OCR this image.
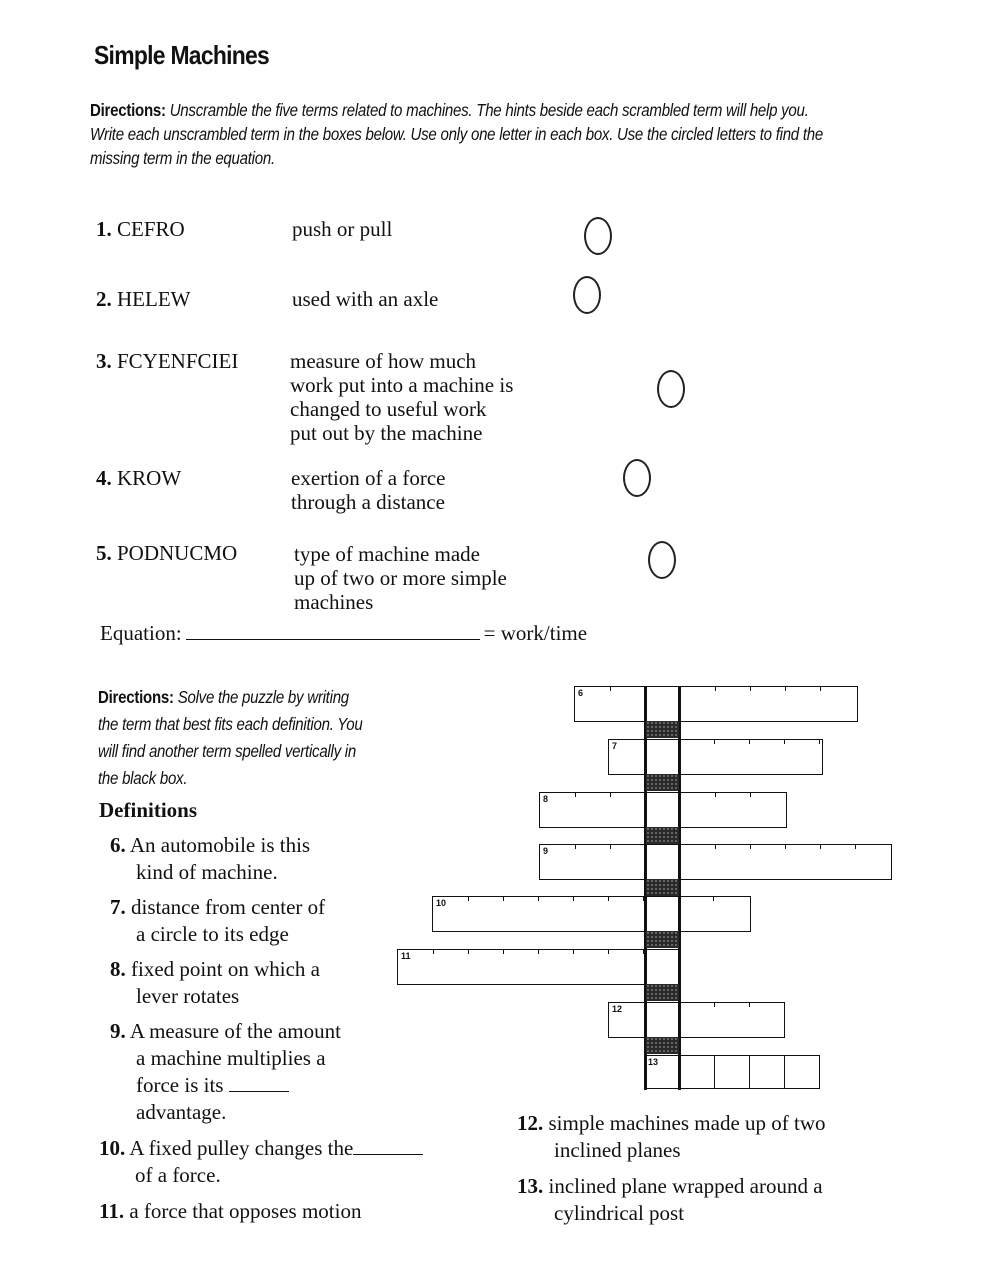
Simple Machines
Directions: Unscramble the five terms related to machines. The hints beside each scrambled term will help you.
Write each unscrambled term in the boxes below. Use only one letter in each box. Use the circled letters to find the
missing term in the equation.
1. CEFRO	push or pull
2. HELEW	used with an axle
3. FCYENFCIEI measure of how much
work put into a machine is
changed to useful work
put out by the machine
4. KROW	exertion of a force
through a distance
5. PODNUCMO	type of machine made
up of two or more simple
machines
Equation:	= work/time
Directions: Solve the puzzle by writing
the term that best fits each definition. You
will find another term spelled vertically in
the black box.
Definitions
6. An automobile is this
kind of machine.
7. distance from center of
a circle to its edge
8. fixed point on which a
lever rotates
9. A measure of the amount
a machine multiplies a
force is its
advantage.
10. A fixed pulley changes the
of a force.
11. a force that opposes motion
12. simple machines made up of two
inclined planes
13. inclined plane wrapped around a
cylindrical post
6
7
8
9
10
11
12
13
